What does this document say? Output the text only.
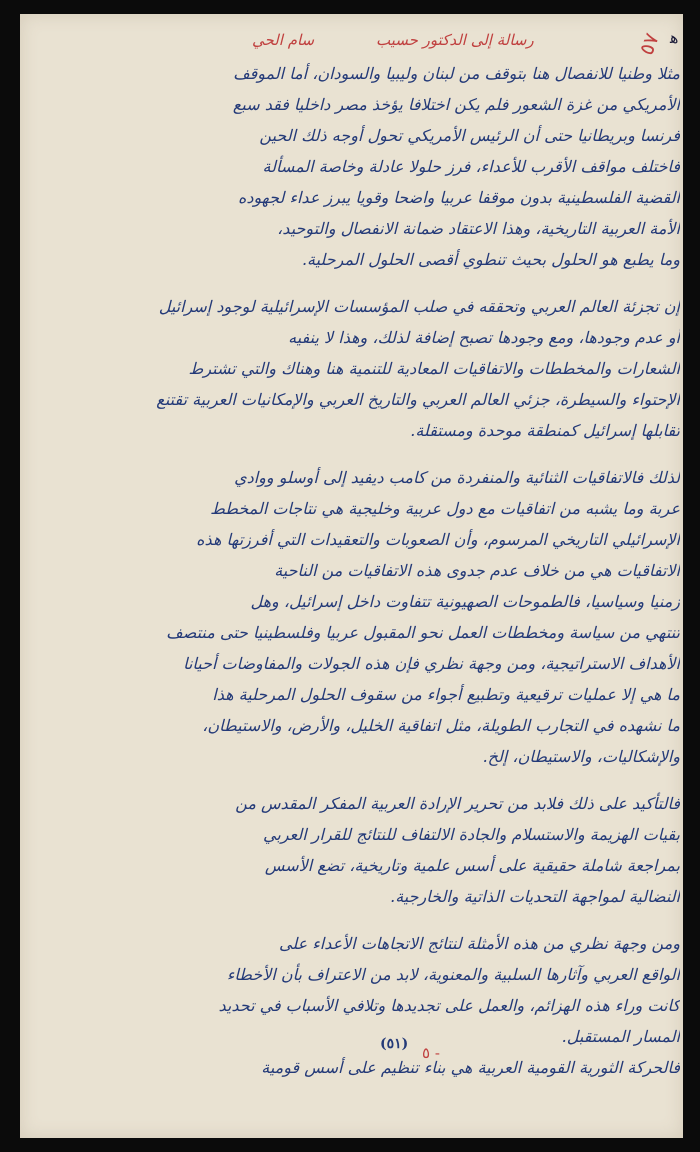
٥٧ ﻫ
سام الحي	رسالة إلى الدكتور حسيب
مثلا وطنيا للانفصال هنا بتوقف من لبنان وليبيا والسودان، أما الموقف
الأمريكي من غزة الشعور فلم يكن اختلافا يؤخذ مصر داخليا فقد سبع
فرنسا وبريطانيا حتى أن الرئيس الأمريكي تحول أوجه ذلك الحين
فاختلف مواقف الأقرب للأعداء، فرز حلولا عادلة وخاصة المسألة
القضية الفلسطينية بدون موقفا عربيا واضحا وقويا يبرز عداء لجهوده
الأمة العربية التاريخية، وهذا الاعتقاد ضمانة الانفصال والتوحيد،
وما يطبع هو الحلول بحيث تنطوي أقصى الحلول المرحلية.
إن تجزئة العالم العربي وتحققه في صلب المؤسسات الإسرائيلية لوجود إسرائيل
أو عدم وجودها، ومع وجودها تصبح إضافة لذلك، وهذا لا ينفيه
الشعارات والمخططات والاتفاقيات المعادية للتنمية هنا وهناك والتي تشترط
الإحتواء والسيطرة، جزئي العالم العربي والتاريخ العربي والإمكانيات العربية تقتنع
تقابلها إسرائيل كمنطقة موحدة ومستقلة.
لذلك فالاتفاقيات الثنائية والمنفردة من كامب ديفيد إلى أوسلو ووادي
عربة وما يشبه من اتفاقيات مع دول عربية وخليجية هي نتاجات المخطط
الإسرائيلي التاريخي المرسوم، وأن الصعوبات والتعقيدات التي أفرزتها هذه
الاتفاقيات هي من خلاف عدم جدوى هذه الاتفاقيات من الناحية
زمنيا وسياسيا، فالطموحات الصهيونية تتفاوت داخل إسرائيل، وهل
تنتهي من سياسة ومخططات العمل نحو المقبول عربيا وفلسطينيا حتى منتصف
الأهداف الاستراتيجية، ومن وجهة نظري فإن هذه الجولات والمفاوضات أحيانا
ما هي إلا عمليات ترقيعية وتطبيع أجواء من سقوف الحلول المرحلية هذا
ما نشهده في التجارب الطويلة، مثل اتفاقية الخليل، والأرض، والاستيطان،
والإشكاليات، والاستيطان، إلخ.
فالتأكيد على ذلك فلابد من تحرير الإرادة العربية المفكر المقدس من
بقيات الهزيمة والاستسلام والجادة الالتفاف للنتائج للقرار العربي
بمراجعة شاملة حقيقية على أسس علمية وتاريخية، تضع الأسس
النضالية لمواجهة التحديات الذاتية والخارجية.
ومن وجهة نظري من هذه الأمثلة لنتائج الاتجاهات الأعداء على
الواقع العربي وآثارها السلبية والمعنوية، لابد من الاعتراف بأن الأخطاء
كانت وراء هذه الهزائم، والعمل على تجديدها وتلافي الأسباب في تحديد
المسار المستقبل.
فالحركة الثورية القومية العربية هي بناء تنظيم على أسس قومية
(٥١) ٥ -
